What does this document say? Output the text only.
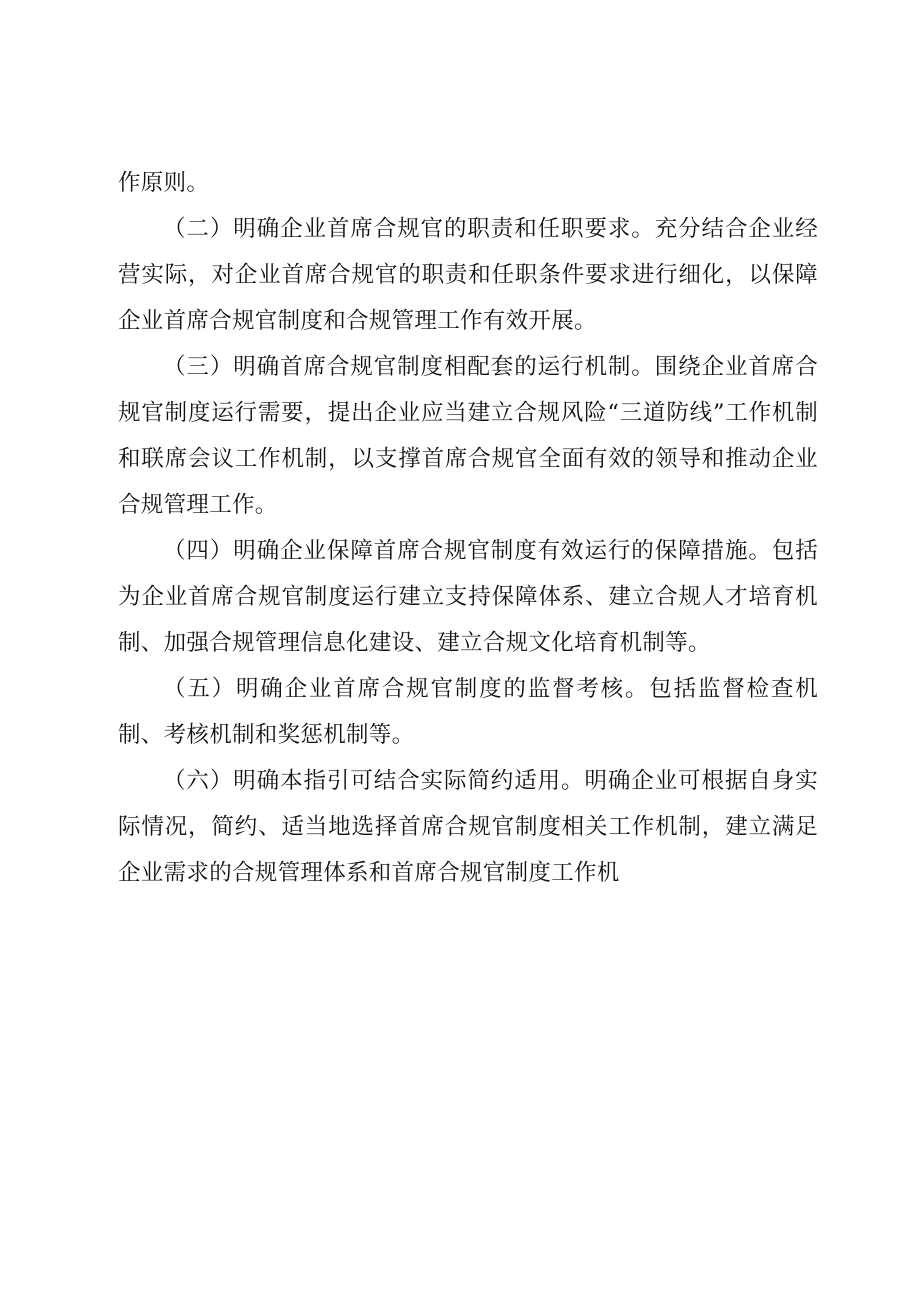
作原则。

（二）明确企业首席合规官的职责和任职要求。充分结合企业经营实际，对企业首席合规官的职责和任职条件要求进行细化，以保障企业首席合规官制度和合规管理工作有效开展。

（三）明确首席合规官制度相配套的运行机制。围绕企业首席合规官制度运行需要，提出企业应当建立合规风险“三道防线”工作机制和联席会议工作机制，以支撑首席合规官全面有效的领导和推动企业合规管理工作。

（四）明确企业保障首席合规官制度有效运行的保障措施。包括为企业首席合规官制度运行建立支持保障体系、建立合规人才培育机制、加强合规管理信息化建设、建立合规文化培育机制等。

（五）明确企业首席合规官制度的监督考核。包括监督检查机制、考核机制和奖惩机制等。

（六）明确本指引可结合实际简约适用。明确企业可根据自身实际情况，简约、适当地选择首席合规官制度相关工作机制，建立满足企业需求的合规管理体系和首席合规官制度工作机
